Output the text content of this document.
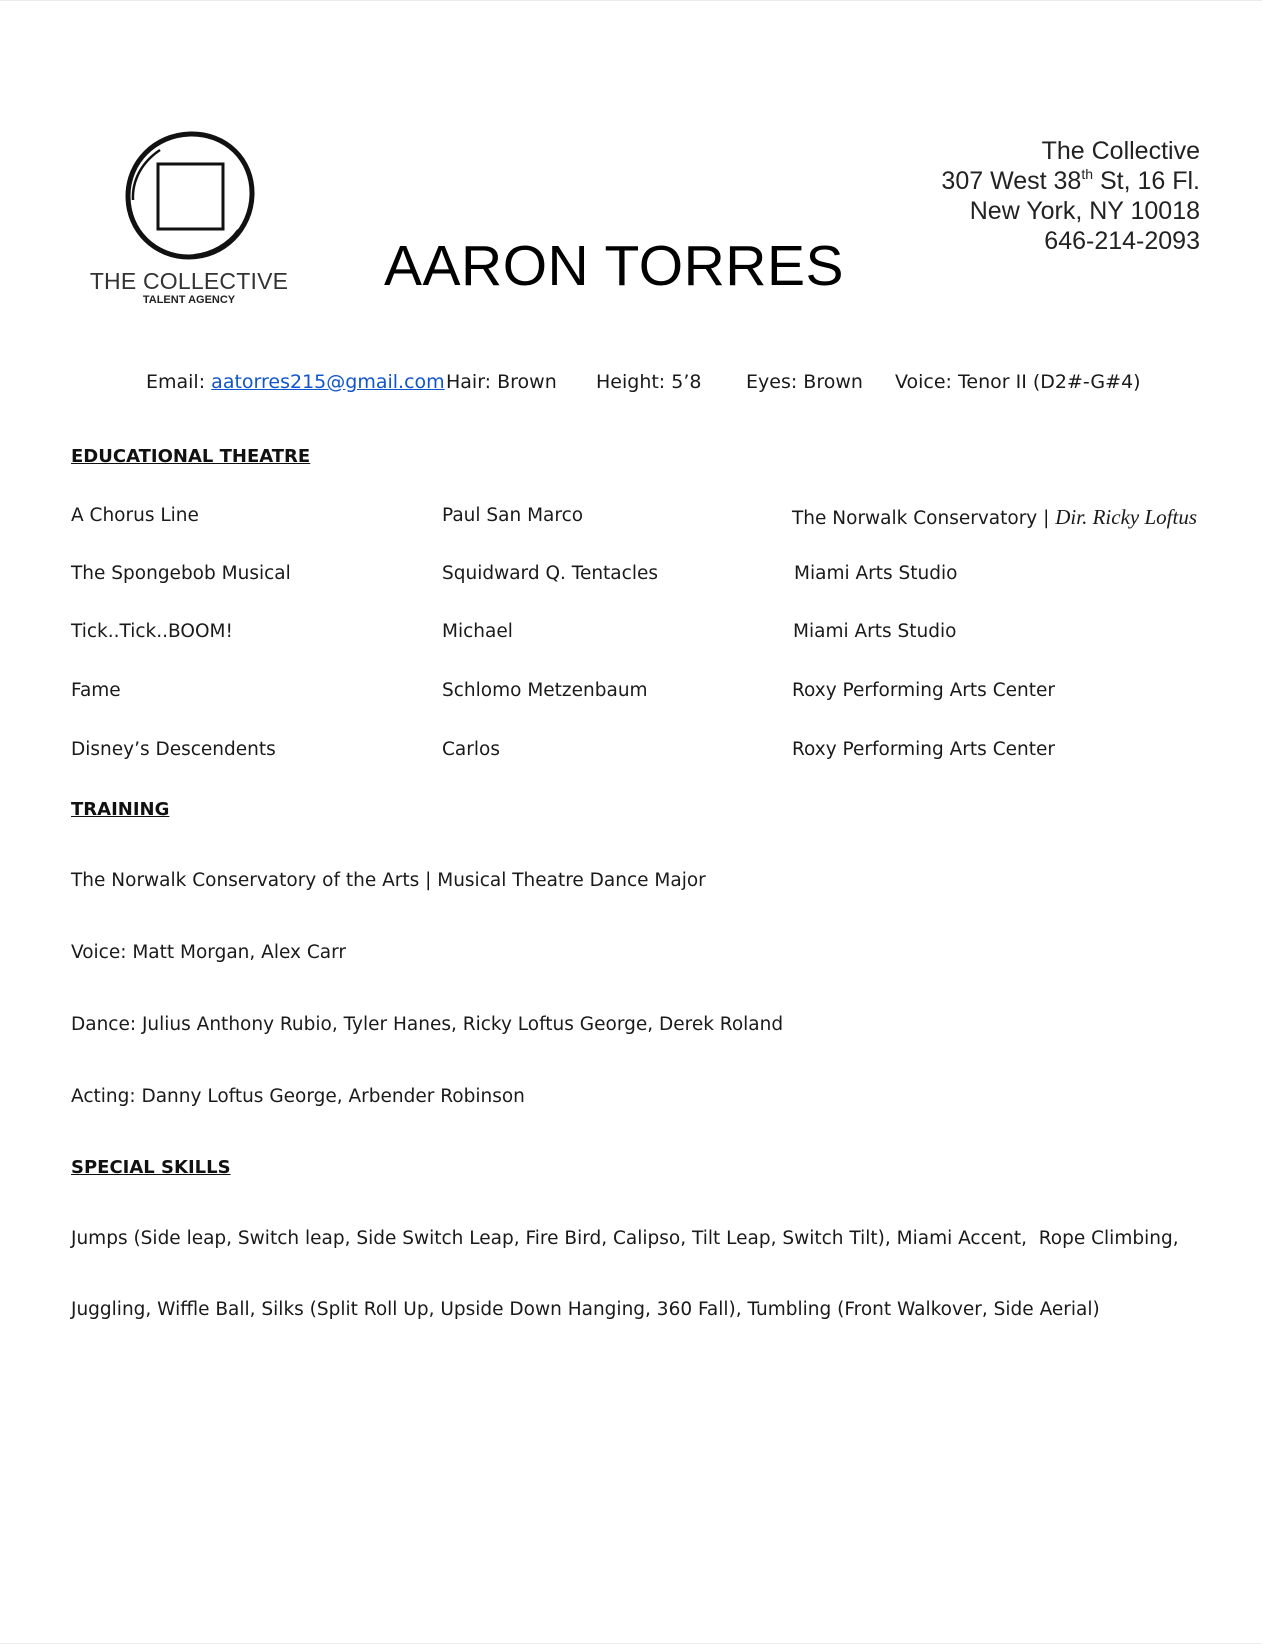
THE COLLECTIVE
TALENT AGENCY
AARON TORRES
The Collective
307 West 38th St, 16 Fl.
New York, NY 10018
646-214-2093
Email: aatorres215@gmail.com Hair: Brown Height: 5’8 Eyes: Brown Voice: Tenor II (D2#-G#4)
EDUCATIONAL THEATRE
A Chorus Line	Paul San Marco	The Norwalk Conservatory | Dir. Ricky Loftus
The Spongebob Musical	Squidward Q. Tentacles	Miami Arts Studio
Tick..Tick..BOOM!	Michael	Miami Arts Studio
Fame	Schlomo Metzenbaum	Roxy Performing Arts Center
Disney’s Descendents	Carlos	Roxy Performing Arts Center
TRAINING
The Norwalk Conservatory of the Arts | Musical Theatre Dance Major
Voice: Matt Morgan, Alex Carr
Dance: Julius Anthony Rubio, Tyler Hanes, Ricky Loftus George, Derek Roland
Acting: Danny Loftus George, Arbender Robinson
SPECIAL SKILLS
Jumps (Side leap, Switch leap, Side Switch Leap, Fire Bird, Calipso, Tilt Leap, Switch Tilt), Miami Accent,  Rope Climbing,
Juggling, Wiffle Ball, Silks (Split Roll Up, Upside Down Hanging, 360 Fall), Tumbling (Front Walkover, Side Aerial)
